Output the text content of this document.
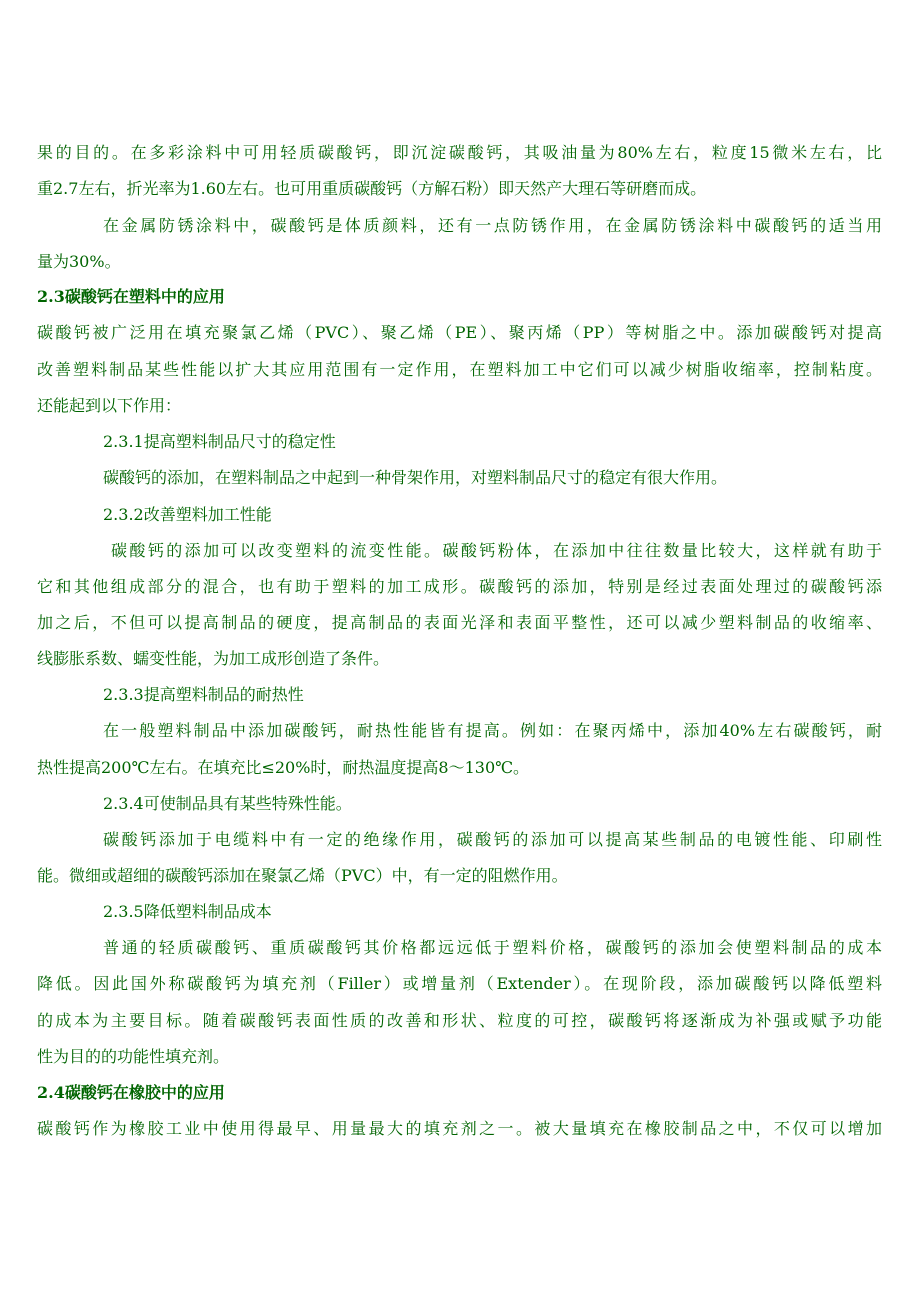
果的目的。在多彩涂料中可用轻质碳酸钙，即沉淀碳酸钙，其吸油量为80%左右，粒度15微米左右，比

重2.7左右，折光率为1.60左右。也可用重质碳酸钙（方解石粉）即天然产大理石等研磨而成。

在金属防锈涂料中，碳酸钙是体质颜料，还有一点防锈作用，在金属防锈涂料中碳酸钙的适当用

量为30%。

2.3碳酸钙在塑料中的应用

碳酸钙被广泛用在填充聚氯乙烯（PVC）、聚乙烯（PE）、聚丙烯（PP）等树脂之中。添加碳酸钙对提高

改善塑料制品某些性能以扩大其应用范围有一定作用，在塑料加工中它们可以减少树脂收缩率，控制粘度。

还能起到以下作用：

2.3.1提高塑料制品尺寸的稳定性

碳酸钙的添加，在塑料制品之中起到一种骨架作用，对塑料制品尺寸的稳定有很大作用。

2.3.2改善塑料加工性能

碳酸钙的添加可以改变塑料的流变性能。碳酸钙粉体，在添加中往往数量比较大，这样就有助于

它和其他组成部分的混合，也有助于塑料的加工成形。碳酸钙的添加，特别是经过表面处理过的碳酸钙添

加之后，不但可以提高制品的硬度，提高制品的表面光泽和表面平整性，还可以减少塑料制品的收缩率、

线膨胀系数、蠕变性能，为加工成形创造了条件。

2.3.3提高塑料制品的耐热性

在一般塑料制品中添加碳酸钙，耐热性能皆有提高。例如：在聚丙烯中，添加40%左右碳酸钙，耐

热性提高200℃左右。在填充比≤20%时，耐热温度提高8～130℃。

2.3.4可使制品具有某些特殊性能。

碳酸钙添加于电缆料中有一定的绝缘作用，碳酸钙的添加可以提高某些制品的电镀性能、印刷性

能。微细或超细的碳酸钙添加在聚氯乙烯（PVC）中，有一定的阻燃作用。

2.3.5降低塑料制品成本

普通的轻质碳酸钙、重质碳酸钙其价格都远远低于塑料价格，碳酸钙的添加会使塑料制品的成本

降低。因此国外称碳酸钙为填充剂（Filler）或增量剂（Extender）。在现阶段，添加碳酸钙以降低塑料

的成本为主要目标。随着碳酸钙表面性质的改善和形状、粒度的可控，碳酸钙将逐渐成为补强或赋予功能

性为目的的功能性填充剂。

2.4碳酸钙在橡胶中的应用

碳酸钙作为橡胶工业中使用得最早、用量最大的填充剂之一。被大量填充在橡胶制品之中，不仅可以增加
